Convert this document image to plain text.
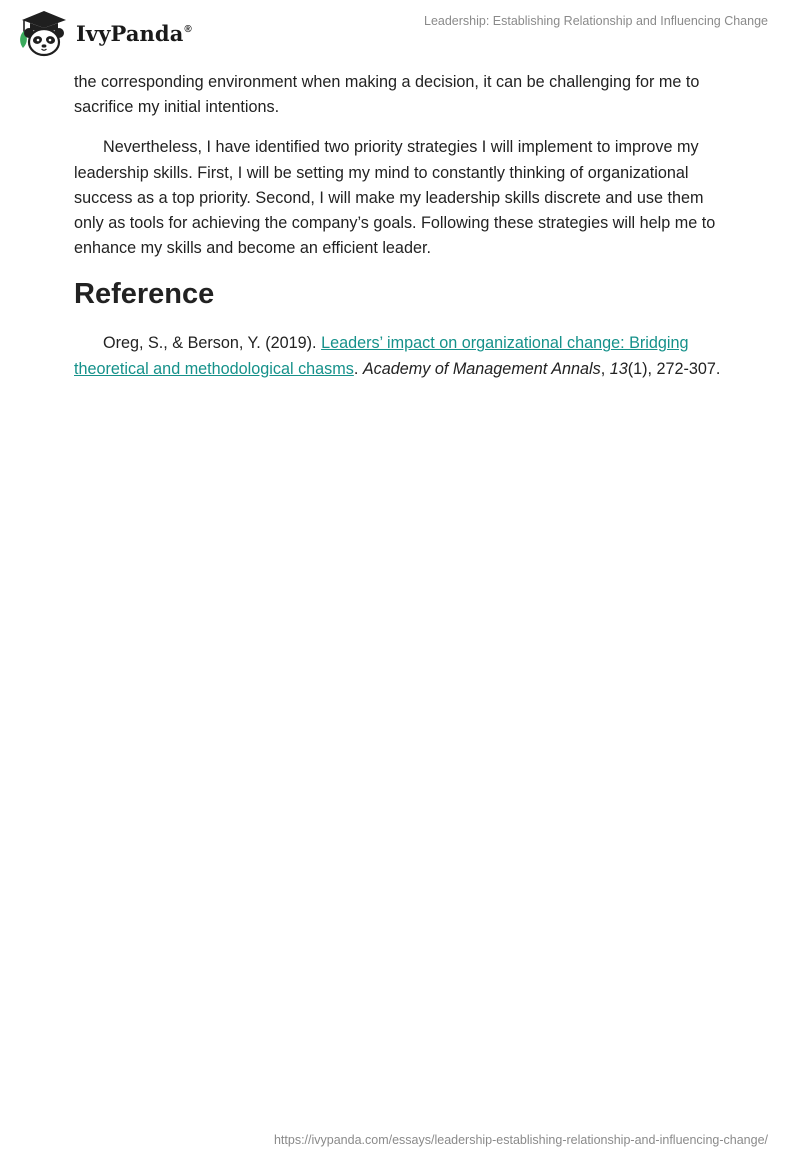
IvyPanda®
Leadership: Establishing Relationship and Influencing Change

the corresponding environment when making a decision, it can be challenging for me to sacrifice my initial intentions.

Nevertheless, I have identified two priority strategies I will implement to improve my leadership skills. First, I will be setting my mind to constantly thinking of organizational success as a top priority. Second, I will make my leadership skills discrete and use them only as tools for achieving the company’s goals. Following these strategies will help me to enhance my skills and become an efficient leader.

Reference

Oreg, S., & Berson, Y. (2019). Leaders’ impact on organizational change: Bridging theoretical and methodological chasms. Academy of Management Annals, 13(1), 272-307.

https://ivypanda.com/essays/leadership-establishing-relationship-and-influencing-change/
